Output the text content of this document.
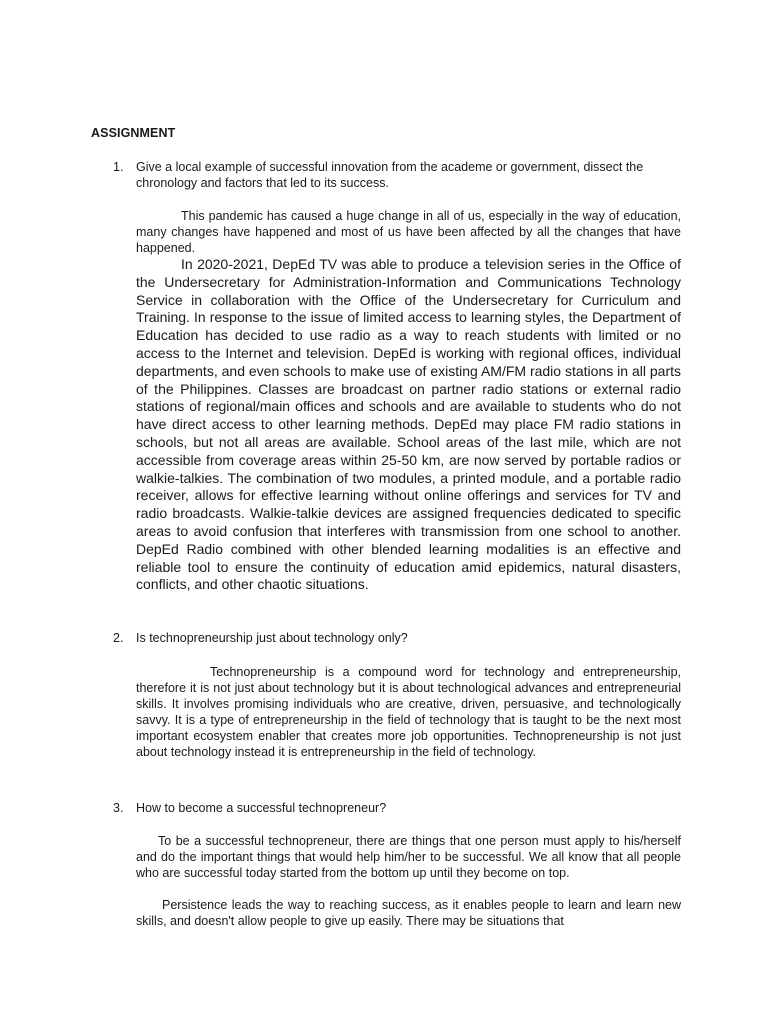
ASSIGNMENT
1. Give a local example of successful innovation from the academe or government, dissect the chronology and factors that led to its success.

This pandemic has caused a huge change in all of us, especially in the way of education, many changes have happened and most of us have been affected by all the changes that have happened.

In 2020-2021, DepEd TV was able to produce a television series in the Office of the Undersecretary for Administration-Information and Communications Technology Service in collaboration with the Office of the Undersecretary for Curriculum and Training. In response to the issue of limited access to learning styles, the Department of Education has decided to use radio as a way to reach students with limited or no access to the Internet and television. DepEd is working with regional offices, individual departments, and even schools to make use of existing AM/FM radio stations in all parts of the Philippines. Classes are broadcast on partner radio stations or external radio stations of regional/main offices and schools and are available to students who do not have direct access to other learning methods. DepEd may place FM radio stations in schools, but not all areas are available. School areas of the last mile, which are not accessible from coverage areas within 25-50 km, are now served by portable radios or walkie-talkies. The combination of two modules, a printed module, and a portable radio receiver, allows for effective learning without online offerings and services for TV and radio broadcasts. Walkie-talkie devices are assigned frequencies dedicated to specific areas to avoid confusion that interferes with transmission from one school to another. DepEd Radio combined with other blended learning modalities is an effective and reliable tool to ensure the continuity of education amid epidemics, natural disasters, conflicts, and other chaotic situations.

2. Is technopreneurship just about technology only?

Technopreneurship is a compound word for technology and entrepreneurship, therefore it is not just about technology but it is about technological advances and entrepreneurial skills. It involves promising individuals who are creative, driven, persuasive, and technologically savvy. It is a type of entrepreneurship in the field of technology that is taught to be the next most important ecosystem enabler that creates more job opportunities. Technopreneurship is not just about technology instead it is entrepreneurship in the field of technology.

3. How to become a successful technopreneur?

To be a successful technopreneur, there are things that one person must apply to his/herself and do the important things that would help him/her to be successful. We all know that all people who are successful today started from the bottom up until they become on top.

Persistence leads the way to reaching success, as it enables people to learn and learn new skills, and doesn't allow people to give up easily. There may be situations that
